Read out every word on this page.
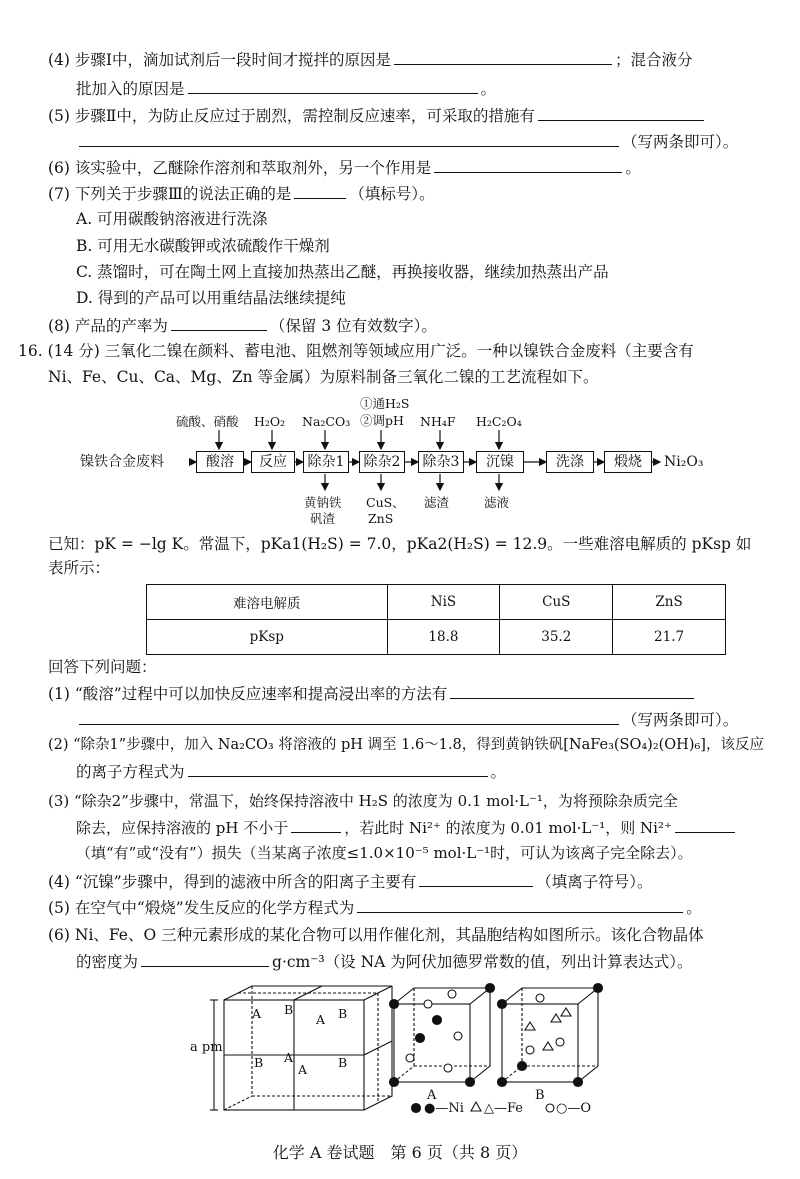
(4) 步骤Ⅰ中，滴加试剂后一段时间才搅拌的原因是	；混合液分
批加入的原因是	。
(5) 步骤Ⅱ中，为防止反应过于剧烈，需控制反应速率，可采取的措施有
（写两条即可）。
(6) 该实验中，乙醚除作溶剂和萃取剂外，另一个作用是	。
(7) 下列关于步骤Ⅲ的说法正确的是	（填标号）。
A. 可用碳酸钠溶液进行洗涤
B. 可用无水碳酸钾或浓硫酸作干燥剂
C. 蒸馏时，可在陶土网上直接加热蒸出乙醚，再换接收器，继续加热蒸出产品
D. 得到的产品可以用重结晶法继续提纯
(8) 产品的产率为	（保留 3 位有效数字）。
16. (14 分) 三氧化二镍在颜料、蓄电池、阻燃剂等领域应用广泛。一种以镍铁合金废料（主要含有
Ni、Fe、Cu、Ca、Mg、Zn 等金属）为原料制备三氧化二镍的工艺流程如下。
镍铁合金废料	Ni₂O₃
酸溶	反应	除杂1	除杂2	除杂3	沉镍	洗涤	煅烧
硫酸、硝酸 H₂O₂ Na₂CO₃
①通H₂S
②调pH NH₄F H₂C₂O₄
黄钠铁
矾渣
CuS、
ZnS
滤渣	滤液
已知：pK = −lg K。常温下，pKa1(H₂S) = 7.0，pKa2(H₂S) = 12.9。一些难溶电解质的 pKsp 如
表所示：
难溶电解质	NiS	CuS	ZnS
pKsp	18.8	35.2	21.7
回答下列问题：
(1) “酸溶”过程中可以加快反应速率和提高浸出率的方法有
（写两条即可）。
(2) “除杂1”步骤中，加入 Na₂CO₃ 将溶液的 pH 调至 1.6～1.8，得到黄钠铁矾[NaFe₃(SO₄)₂(OH)₆]，该反应
的离子方程式为	。
(3) “除杂2”步骤中，常温下，始终保持溶液中 H₂S 的浓度为 0.1 mol·L⁻¹，为将预除杂质完全
除去，应保持溶液的 pH 不小于	，若此时 Ni²⁺ 的浓度为 0.01 mol·L⁻¹，则 Ni²⁺
（填“有”或“没有”）损失（当某离子浓度≤1.0×10⁻⁵ mol·L⁻¹时，可认为该离子完全除去）。
(4) “沉镍”步骤中，得到的滤液中所含的阳离子主要有	（填离子符号）。
(5) 在空气中“煅烧”发生反应的化学方程式为	。
(6) Ni、Fe、O 三种元素形成的某化合物可以用作催化剂，其晶胞结构如图所示。该化合物晶体
的密度为	g·cm⁻³（设 NA 为阿伏加德罗常数的值，列出计算表达式）。
a pm
A B
A B
B A
A B
A	B
●—Ni △—Fe	○—O
化学 A 卷试题　第 6 页（共 8 页）
